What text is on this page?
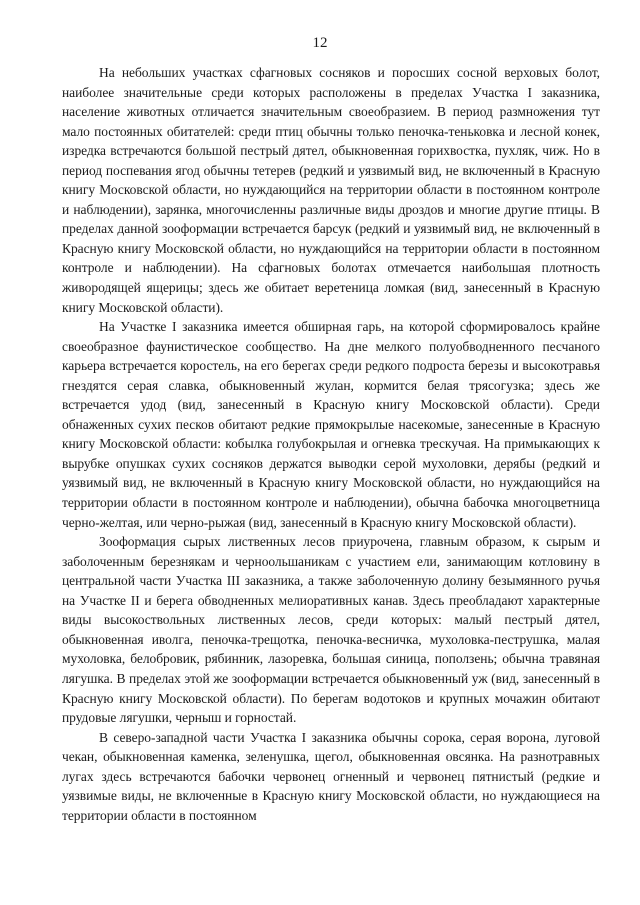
12

На небольших участках сфагновых сосняков и поросших сосной верховых болот, наиболее значительные среди которых расположены в пределах Участка I заказника, население животных отличается значительным своеобразием. В период размножения тут мало постоянных обитателей: среди птиц обычны только пеночка-теньковка и лесной конек, изредка встречаются большой пестрый дятел, обыкновенная горихвостка, пухляк, чиж. Но в период поспевания ягод обычны тетерев (редкий и уязвимый вид, не включенный в Красную книгу Московской области, но нуждающийся на территории области в постоянном контроле и наблюдении), зарянка, многочисленны различные виды дроздов и многие другие птицы. В пределах данной зоoформации встречается барсук (редкий и уязвимый вид, не включенный в Красную книгу Московской области, но нуждающийся на территории области в постоянном контроле и наблюдении). На сфагновых болотах отмечается наибольшая плотность живородящей ящерицы; здесь же обитает веретеница ломкая (вид, занесенный в Красную книгу Московской области).

На Участке I заказника имеется обширная гарь, на которой сформировалось крайне своеобразное фаунистическое сообщество. На дне мелкого полуобводненного песчаного карьера встречается коростель, на его берегах среди редкого подроста березы и высокотравья гнездятся серая славка, обыкновенный жулан, кормится белая трясогузка; здесь же встречается удод (вид, занесенный в Красную книгу Московской области). Среди обнаженных сухих песков обитают редкие прямокрылые насекомые, занесенные в Красную книгу Московской области: кобылка голубокрылая и огневка трескучая. На примыкающих к вырубке опушках сухих сосняков держатся выводки серой мухоловки, дерябы (редкий и уязвимый вид, не включенный в Красную книгу Московской области, но нуждающийся на территории области в постоянном контроле и наблюдении), обычна бабочка многоцветница черно-желтая, или черно-рыжая (вид, занесенный в Красную книгу Московской области).

Зооформация сырых лиственных лесов приурочена, главным образом, к сырым и заболоченным березнякам и черноольшаникам с участием ели, занимающим котловину в центральной части Участка III заказника, а также заболоченную долину безымянного ручья на Участке II и берега обводненных мелиоративных канав. Здесь преобладают характерные виды высокоствольных лиственных лесов, среди которых: малый пестрый дятел, обыкновенная иволга, пеночка-трещотка, пеночка-весничка, мухоловка-пеструшка, малая мухоловка, белобровик, рябинник, лазоревка, большая синица, поползень; обычна травяная лягушка. В пределах этой же зооформации встречается обыкновенный уж (вид, занесенный в Красную книгу Московской области). По берегам водотоков и крупных мочажин обитают прудовые лягушки, черныш и горностай.

В северо-западной части Участка I заказника обычны сорока, серая ворона, луговой чекан, обыкновенная каменка, зеленушка, щегол, обыкновенная овсянка. На разнотравных лугах здесь встречаются бабочки червонец огненный и червонец пятнистый (редкие и уязвимые виды, не включенные в Красную книгу Московской области, но нуждающиеся на территории области в постоянном
